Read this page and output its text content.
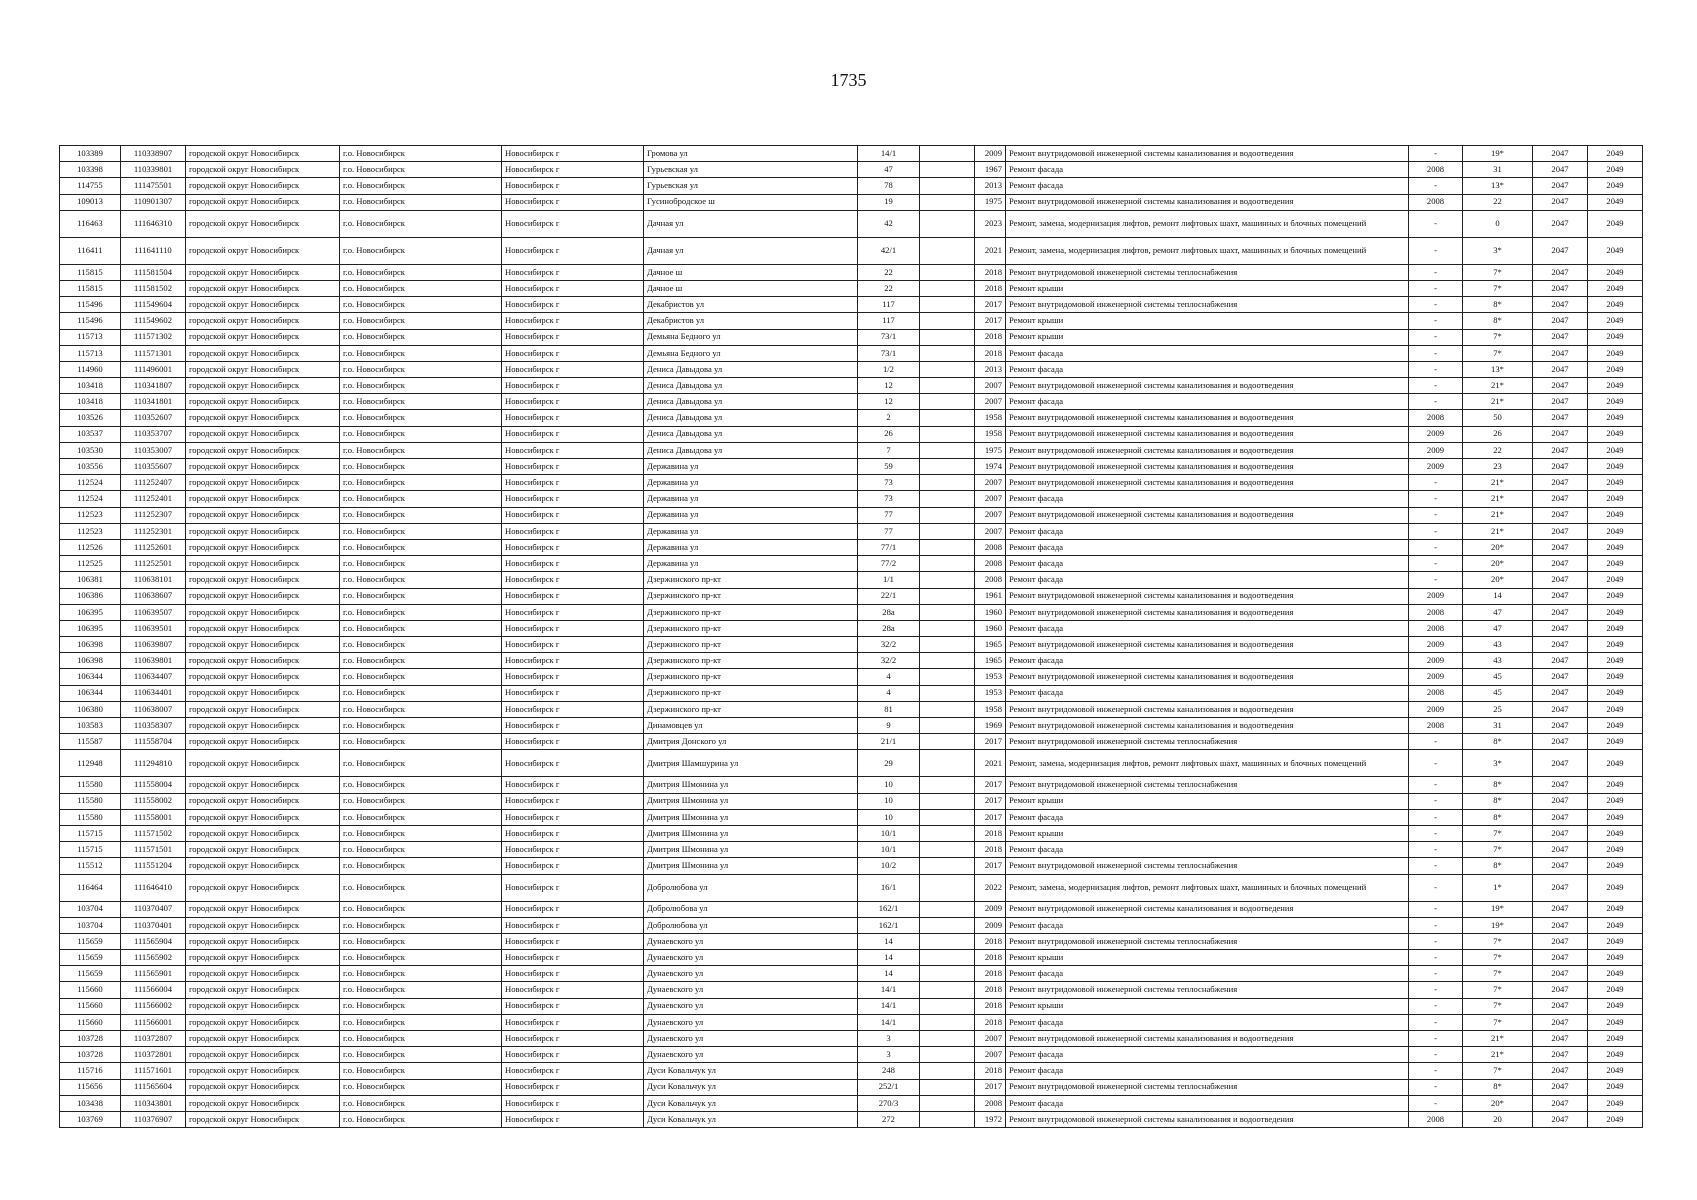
1735
103389	110338907	городской округ Новосибирск	г.о. Новосибирск	Новосибирск г	Громова ул	14/1		2009	Ремонт внутридомовой инженерной системы канализования и водоотведения	-	19*	2047	2049
103398	110339801	городской округ Новосибирск	г.о. Новосибирск	Новосибирск г	Гурьевская ул	47		1967	Ремонт фасада	2008	31	2047	2049
114755	111475501	городской округ Новосибирск	г.о. Новосибирск	Новосибирск г	Гурьевская ул	78		2013	Ремонт фасада	-	13*	2047	2049
109013	110901307	городской округ Новосибирск	г.о. Новосибирск	Новосибирск г	Гусинобродское ш	19		1975	Ремонт внутридомовой инженерной системы канализования и водоотведения	2008	22	2047	2049
116463	111646310	городской округ Новосибирск	г.о. Новосибирск	Новосибирск г	Дачная ул	42		2023	Ремонт, замена, модернизация лифтов, ремонт лифтовых шахт, машинных и блочных помещений	-	0	2047	2049
116411	111641110	городской округ Новосибирск	г.о. Новосибирск	Новосибирск г	Дачная ул	42/1		2021	Ремонт, замена, модернизация лифтов, ремонт лифтовых шахт, машинных и блочных помещений	-	3*	2047	2049
115815	111581504	городской округ Новосибирск	г.о. Новосибирск	Новосибирск г	Дачное ш	22		2018	Ремонт внутридомовой инженерной системы теплоснабжения	-	7*	2047	2049
115815	111581502	городской округ Новосибирск	г.о. Новосибирск	Новосибирск г	Дачное ш	22		2018	Ремонт крыши	-	7*	2047	2049
115496	111549604	городской округ Новосибирск	г.о. Новосибирск	Новосибирск г	Декабристов ул	117		2017	Ремонт внутридомовой инженерной системы теплоснабжения	-	8*	2047	2049
115496	111549602	городской округ Новосибирск	г.о. Новосибирск	Новосибирск г	Декабристов ул	117		2017	Ремонт крыши	-	8*	2047	2049
115713	111571302	городской округ Новосибирск	г.о. Новосибирск	Новосибирск г	Демьяна Бедного ул	73/1		2018	Ремонт крыши	-	7*	2047	2049
115713	111571301	городской округ Новосибирск	г.о. Новосибирск	Новосибирск г	Демьяна Бедного ул	73/1		2018	Ремонт фасада	-	7*	2047	2049
114960	111496001	городской округ Новосибирск	г.о. Новосибирск	Новосибирск г	Дениса Давыдова ул	1/2		2013	Ремонт фасада	-	13*	2047	2049
103418	110341807	городской округ Новосибирск	г.о. Новосибирск	Новосибирск г	Дениса Давыдова ул	12		2007	Ремонт внутридомовой инженерной системы канализования и водоотведения	-	21*	2047	2049
103418	110341801	городской округ Новосибирск	г.о. Новосибирск	Новосибирск г	Дениса Давыдова ул	12		2007	Ремонт фасада	-	21*	2047	2049
103526	110352607	городской округ Новосибирск	г.о. Новосибирск	Новосибирск г	Дениса Давыдова ул	2		1958	Ремонт внутридомовой инженерной системы канализования и водоотведения	2008	50	2047	2049
103537	110353707	городской округ Новосибирск	г.о. Новосибирск	Новосибирск г	Дениса Давыдова ул	26		1958	Ремонт внутридомовой инженерной системы канализования и водоотведения	2009	26	2047	2049
103530	110353007	городской округ Новосибирск	г.о. Новосибирск	Новосибирск г	Дениса Давыдова ул	7		1975	Ремонт внутридомовой инженерной системы канализования и водоотведения	2009	22	2047	2049
103556	110355607	городской округ Новосибирск	г.о. Новосибирск	Новосибирск г	Державина ул	59		1974	Ремонт внутридомовой инженерной системы канализования и водоотведения	2009	23	2047	2049
112524	111252407	городской округ Новосибирск	г.о. Новосибирск	Новосибирск г	Державина ул	73		2007	Ремонт внутридомовой инженерной системы канализования и водоотведения	-	21*	2047	2049
112524	111252401	городской округ Новосибирск	г.о. Новосибирск	Новосибирск г	Державина ул	73		2007	Ремонт фасада	-	21*	2047	2049
112523	111252307	городской округ Новосибирск	г.о. Новосибирск	Новосибирск г	Державина ул	77		2007	Ремонт внутридомовой инженерной системы канализования и водоотведения	-	21*	2047	2049
112523	111252301	городской округ Новосибирск	г.о. Новосибирск	Новосибирск г	Державина ул	77		2007	Ремонт фасада	-	21*	2047	2049
112526	111252601	городской округ Новосибирск	г.о. Новосибирск	Новосибирск г	Державина ул	77/1		2008	Ремонт фасада	-	20*	2047	2049
112525	111252501	городской округ Новосибирск	г.о. Новосибирск	Новосибирск г	Державина ул	77/2		2008	Ремонт фасада	-	20*	2047	2049
106381	110638101	городской округ Новосибирск	г.о. Новосибирск	Новосибирск г	Дзержинского пр-кт	1/1		2008	Ремонт фасада	-	20*	2047	2049
106386	110638607	городской округ Новосибирск	г.о. Новосибирск	Новосибирск г	Дзержинского пр-кт	22/1		1961	Ремонт внутридомовой инженерной системы канализования и водоотведения	2009	14	2047	2049
106395	110639507	городской округ Новосибирск	г.о. Новосибирск	Новосибирск г	Дзержинского пр-кт	28а		1960	Ремонт внутридомовой инженерной системы канализования и водоотведения	2008	47	2047	2049
106395	110639501	городской округ Новосибирск	г.о. Новосибирск	Новосибирск г	Дзержинского пр-кт	28а		1960	Ремонт фасада	2008	47	2047	2049
106398	110639807	городской округ Новосибирск	г.о. Новосибирск	Новосибирск г	Дзержинского пр-кт	32/2		1965	Ремонт внутридомовой инженерной системы канализования и водоотведения	2009	43	2047	2049
106398	110639801	городской округ Новосибирск	г.о. Новосибирск	Новосибирск г	Дзержинского пр-кт	32/2		1965	Ремонт фасада	2009	43	2047	2049
106344	110634407	городской округ Новосибирск	г.о. Новосибирск	Новосибирск г	Дзержинского пр-кт	4		1953	Ремонт внутридомовой инженерной системы канализования и водоотведения	2009	45	2047	2049
106344	110634401	городской округ Новосибирск	г.о. Новосибирск	Новосибирск г	Дзержинского пр-кт	4		1953	Ремонт фасада	2008	45	2047	2049
106380	110638007	городской округ Новосибирск	г.о. Новосибирск	Новосибирск г	Дзержинского пр-кт	81		1958	Ремонт внутридомовой инженерной системы канализования и водоотведения	2009	25	2047	2049
103583	110358307	городской округ Новосибирск	г.о. Новосибирск	Новосибирск г	Динамовцев ул	9		1969	Ремонт внутридомовой инженерной системы канализования и водоотведения	2008	31	2047	2049
115587	111558704	городской округ Новосибирск	г.о. Новосибирск	Новосибирск г	Дмитрия Донского ул	21/1		2017	Ремонт внутридомовой инженерной системы теплоснабжения	-	8*	2047	2049
112948	111294810	городской округ Новосибирск	г.о. Новосибирск	Новосибирск г	Дмитрия Шамшурина ул	29		2021	Ремонт, замена, модернизация лифтов, ремонт лифтовых шахт, машинных и блочных помещений	-	3*	2047	2049
115580	111558004	городской округ Новосибирск	г.о. Новосибирск	Новосибирск г	Дмитрия Шмонина ул	10		2017	Ремонт внутридомовой инженерной системы теплоснабжения	-	8*	2047	2049
115580	111558002	городской округ Новосибирск	г.о. Новосибирск	Новосибирск г	Дмитрия Шмонина ул	10		2017	Ремонт крыши	-	8*	2047	2049
115580	111558001	городской округ Новосибирск	г.о. Новосибирск	Новосибирск г	Дмитрия Шмонина ул	10		2017	Ремонт фасада	-	8*	2047	2049
115715	111571502	городской округ Новосибирск	г.о. Новосибирск	Новосибирск г	Дмитрия Шмонина ул	10/1		2018	Ремонт крыши	-	7*	2047	2049
115715	111571501	городской округ Новосибирск	г.о. Новосибирск	Новосибирск г	Дмитрия Шмонина ул	10/1		2018	Ремонт фасада	-	7*	2047	2049
115512	111551204	городской округ Новосибирск	г.о. Новосибирск	Новосибирск г	Дмитрия Шмонина ул	10/2		2017	Ремонт внутридомовой инженерной системы теплоснабжения	-	8*	2047	2049
116464	111646410	городской округ Новосибирск	г.о. Новосибирск	Новосибирск г	Добролюбова ул	16/1		2022	Ремонт, замена, модернизация лифтов, ремонт лифтовых шахт, машинных и блочных помещений	-	1*	2047	2049
103704	110370407	городской округ Новосибирск	г.о. Новосибирск	Новосибирск г	Добролюбова ул	162/1		2009	Ремонт внутридомовой инженерной системы канализования и водоотведения	-	19*	2047	2049
103704	110370401	городской округ Новосибирск	г.о. Новосибирск	Новосибирск г	Добролюбова ул	162/1		2009	Ремонт фасада	-	19*	2047	2049
115659	111565904	городской округ Новосибирск	г.о. Новосибирск	Новосибирск г	Дунаевского ул	14		2018	Ремонт внутридомовой инженерной системы теплоснабжения	-	7*	2047	2049
115659	111565902	городской округ Новосибирск	г.о. Новосибирск	Новосибирск г	Дунаевского ул	14		2018	Ремонт крыши	-	7*	2047	2049
115659	111565901	городской округ Новосибирск	г.о. Новосибирск	Новосибирск г	Дунаевского ул	14		2018	Ремонт фасада	-	7*	2047	2049
115660	111566004	городской округ Новосибирск	г.о. Новосибирск	Новосибирск г	Дунаевского ул	14/1		2018	Ремонт внутридомовой инженерной системы теплоснабжения	-	7*	2047	2049
115660	111566002	городской округ Новосибирск	г.о. Новосибирск	Новосибирск г	Дунаевского ул	14/1		2018	Ремонт крыши	-	7*	2047	2049
115660	111566001	городской округ Новосибирск	г.о. Новосибирск	Новосибирск г	Дунаевского ул	14/1		2018	Ремонт фасада	-	7*	2047	2049
103728	110372807	городской округ Новосибирск	г.о. Новосибирск	Новосибирск г	Дунаевского ул	3		2007	Ремонт внутридомовой инженерной системы канализования и водоотведения	-	21*	2047	2049
103728	110372801	городской округ Новосибирск	г.о. Новосибирск	Новосибирск г	Дунаевского ул	3		2007	Ремонт фасада	-	21*	2047	2049
115716	111571601	городской округ Новосибирск	г.о. Новосибирск	Новосибирск г	Дуси Ковальчук ул	248		2018	Ремонт фасада	-	7*	2047	2049
115656	111565604	городской округ Новосибирск	г.о. Новосибирск	Новосибирск г	Дуси Ковальчук ул	252/1		2017	Ремонт внутридомовой инженерной системы теплоснабжения	-	8*	2047	2049
103438	110343801	городской округ Новосибирск	г.о. Новосибирск	Новосибирск г	Дуси Ковальчук ул	270/3		2008	Ремонт фасада	-	20*	2047	2049
103769	110376907	городской округ Новосибирск	г.о. Новосибирск	Новосибирск г	Дуси Ковальчук ул	272		1972	Ремонт внутридомовой инженерной системы канализования и водоотведения	2008	20	2047	2049
